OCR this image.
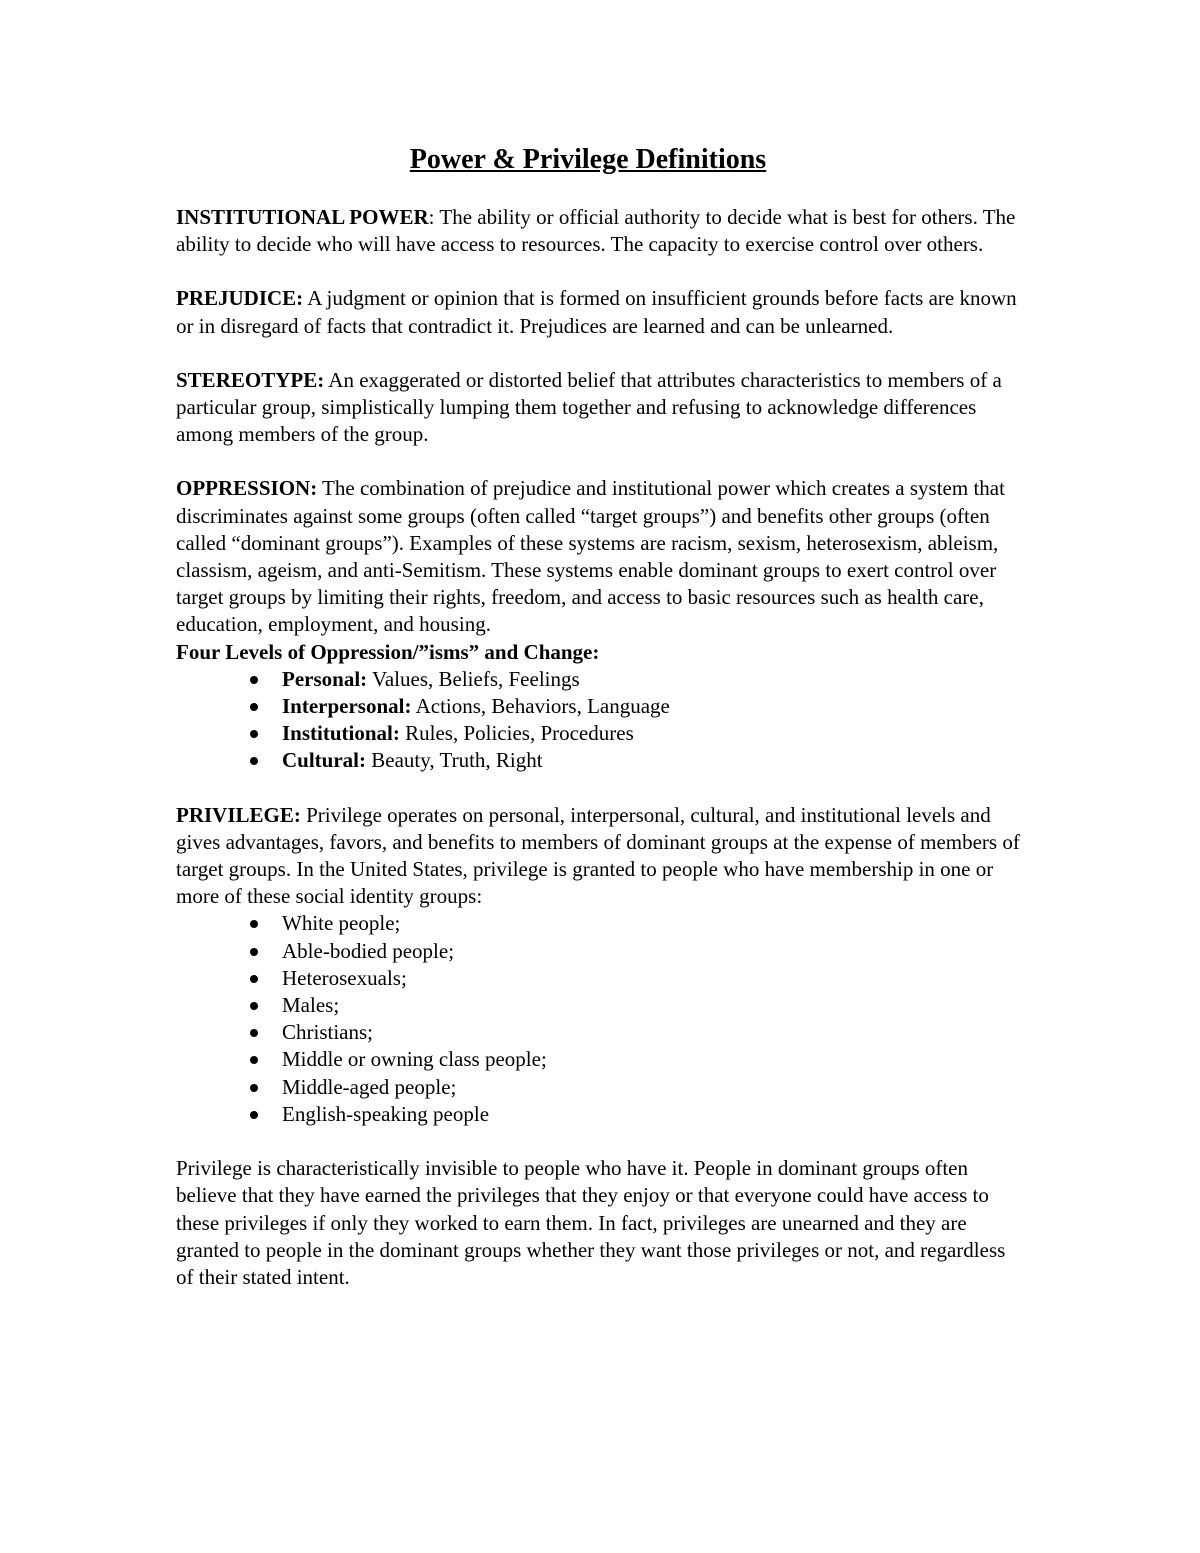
Power & Privilege Definitions

INSTITUTIONAL POWER: The ability or official authority to decide what is best for others. The ability to decide who will have access to resources. The capacity to exercise control over others.

PREJUDICE: A judgment or opinion that is formed on insufficient grounds before facts are known or in disregard of facts that contradict it. Prejudices are learned and can be unlearned.

STEREOTYPE: An exaggerated or distorted belief that attributes characteristics to members of a particular group, simplistically lumping them together and refusing to acknowledge differences among members of the group.

OPPRESSION: The combination of prejudice and institutional power which creates a system that discriminates against some groups (often called “target groups”) and benefits other groups (often called “dominant groups”). Examples of these systems are racism, sexism, heterosexism, ableism, classism, ageism, and anti-Semitism. These systems enable dominant groups to exert control over target groups by limiting their rights, freedom, and access to basic resources such as health care, education, employment, and housing.

Four Levels of Oppression/”isms” and Change:

Personal: Values, Beliefs, Feelings
Interpersonal: Actions, Behaviors, Language
Institutional: Rules, Policies, Procedures
Cultural: Beauty, Truth, Right

PRIVILEGE: Privilege operates on personal, interpersonal, cultural, and institutional levels and gives advantages, favors, and benefits to members of dominant groups at the expense of members of target groups. In the United States, privilege is granted to people who have membership in one or more of these social identity groups:

White people;
Able-bodied people;
Heterosexuals;
Males;
Christians;
Middle or owning class people;
Middle-aged people;
English-speaking people

Privilege is characteristically invisible to people who have it. People in dominant groups often believe that they have earned the privileges that they enjoy or that everyone could have access to these privileges if only they worked to earn them. In fact, privileges are unearned and they are granted to people in the dominant groups whether they want those privileges or not, and regardless of their stated intent.
